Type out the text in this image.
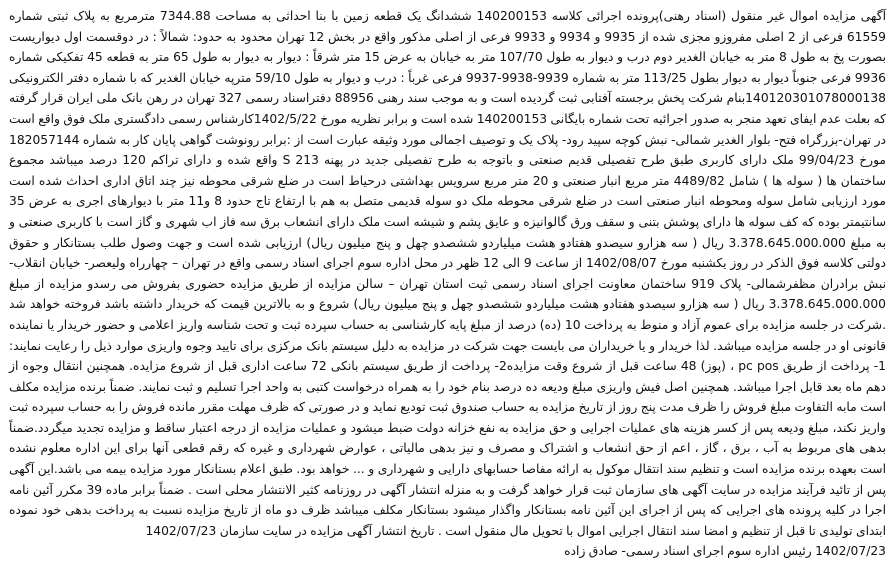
آگهی مزایده اموال غیر منقول (اسناد رهنی)پرونده اجرائی کلاسه 140200153 ششدانگ یک قطعه زمین با بنا احداثی به مساحت 7344.88 مترمربع به پلاک ثبتی شماره 61559 فرعی از 2 اصلی مفروزو مجزی شده از 9935 و 9934 و 9933 فرعی از اصلی مذکور واقع در بخش 12 تهران محدود به حدود: شمالاً : در دوقسمت اول دیواریست بصورت پخ به طول 8 متر به خیابان الغدیر دوم درب و دیوار به طول 107/70 متر به خیابان به عرض 15 متر شرقاً : دیوار به دیوار به طول 65 متر به قطعه 45 تفکیکی شماره 9936 فرعی جنوباً دیوار به دیوار بطول 113/25 متر به شماره 9939-9938-9937 فرعی غرباً : درب و دیوار به طول 59/10 مترپه خیابان الغدیر که با شماره دفتر الکترونیکی 140120301078000138بنام شرکت پخش برجسته آفتابی ثبت گردیده است و به موجب سند رهنی 88956 دفتراسناد رسمی 327 تهران در رهن بانک ملی ایران قرار گرفته که بعلت عدم ایفای تعهد منجر به صدور اجرائیه تحت شماره بایگانی 140200153 شده است و برابر نظریه مورخ 1402/5/22کارشناس رسمی دادگستری ملک فوق واقع است در تهران-بزرگراه فتح- بلوار الغدیر شمالی- نبش کوچه سپید رود- پلاک یک و توصیف اجمالی مورد وثیقه عبارت است از :برابر رونوشت گواهی پایان کار به شماره 182057144 مورخ 99/04/23 ملک دارای کاربری طبق طرح تفصیلی قدیم صنعتی و باتوجه به طرح تفصیلی جدید در پهنه S 213 واقع شده و دارای تراکم 120 درصد میباشد مجموع ساختمان ها ( سوله ها ) شامل 4489/82 متر مربع انبار صنعتی و 20 متر مربع سرویس بهداشتی درحیاط است در ضلع شرقی محوطه نیز چند اتاق اداری احداث شده است مورد ارزیابی شامل سوله ومحوطه انبار صنعتی است در ضلع شرقی محوطه ملک دو سوله قدیمی متصل به هم با ارتفاع تاج حدود 8 و11 متر با دیوارهای اجری به عرض 35 سانتیمتر بوده که کف سوله ها دارای پوشش بتنی و سقف ورق گالوانیزه و عایق پشم و شیشه است ملک دارای انشعاب برق سه فاز اب شهری و گاز است با کاربری صنعتی و به مبلغ 3.378.645.000.000 ریال ( سه هزارو سیصدو هفتادو هشت میلیاردو ششصدو چهل و پنج میلیون ریال) ارزیابی شده است و جهت وصول طلب بستانکار و حقوق دولتی کلاسه فوق الذکر در روز یکشنبه مورخ 1402/08/07 از ساعت 9 الی 12 ظهر در محل اداره سوم اجرای اسناد رسمی واقع در تهران – چهارراه ولیعصر- خیابان انقلاب- نبش برادران مظفرشمالی- پلاک 919 ساختمان معاونت اجرای اسناد رسمی ثبت استان تهران – سالن مزایده از طریق مزایده حضوری بفروش می رسدو مزایده از مبلغ 3.378.645.000.000 ریال ( سه هزارو سیصدو هفتادو هشت میلیاردو ششصدو چهل و پنج میلیون ریال) شروع و به بالاترین قیمت که خریدار داشته باشد فروخته خواهد شد .شرکت در جلسه مزایده برای عموم آزاد و منوط به پرداخت 10 (ده) درصد از مبلغ پایه کارشناسی به حساب سپرده ثبت و تحت شناسه واریز اعلامی و حضور خریدار یا نماینده قانونی او در جلسه مزایده میباشد. لذا خریدار و یا خریداران می بایست جهت شرکت در مزایده به دلیل سیستم بانک مرکزی برای تایید وجوه واریزی موارد ذیل را رعایت نمایند: 1- پرداخت از طریق pc pos ، (پوز) 48 ساعت قبل از شروع وقت مزایده2- پرداخت از طریق سیستم بانکی 72 ساعت اداری قبل از شروع مزایده. همچنین انتقال وجوه از دهم ماه بعد قابل اجرا میباشد. همچنین اصل فیش واریزی مبلغ ودیعه ده درصد بنام خود را به همراه درخواست کتبی به واحد اجرا تسلیم و ثبت نمایند. ضمناً برنده مزایده مکلف است مابه التفاوت مبلغ فروش را ظرف مدت پنج روز از تاریخ مزایده به حساب صندوق ثبت تودیع نماید و در صورتی که ظرف مهلت مقرر مانده فروش را به حساب سپرده ثبت واریز نکند، مبلغ ودیعه پس از کسر هزینه های عملیات اجرایی و حق مزایده به نفع خزانه دولت ضبط میشود و عملیات مزایده از درجه اعتبار ساقط و مزایده تجدید میگردد.ضمناً بدهی های مربوط به آب ، برق ، گاز ، اعم از حق انشعاب و اشتراک و مصرف و نیز بدهی مالیاتی ، عوارض شهرداری و غیره که رقم قطعی آنها برای این اداره معلوم نشده است بعهده برنده مزایده است و تنظیم سند انتقال موکول به ارائه مفاصا حسابهای دارایی و شهرداری و ... خواهد بود. طبق اعلام بستانکار مورد مزایده بیمه می باشد.این آگهی پس از تائید فرآیند مزایده در سایت آگهی های سازمان ثبت قرار خواهد گرفت و به منزله انتشار آگهی در روزنامه کثیر الانتشار محلی است . ضمناً برابر ماده 39 مکرر آئین نامه اجرا در کلیه پرونده های اجرایی که پس از اجرای این آئین نامه بستانکار واگذار میشود بستانکار مکلف میباشد ظرف دو ماه از تاریخ مزایده نسبت به پرداخت بدهی خود نموده ابتدای تولیدی تا قبل از تنظیم و امضا سند انتقال اجرایی اموال با تحویل مال منقول است . تاریخ انتشار آگهی مزایده در سایت سازمان 1402/07/23

1402/07/23 رئیس اداره سوم اجرای اسناد رسمی- صادق زاده
